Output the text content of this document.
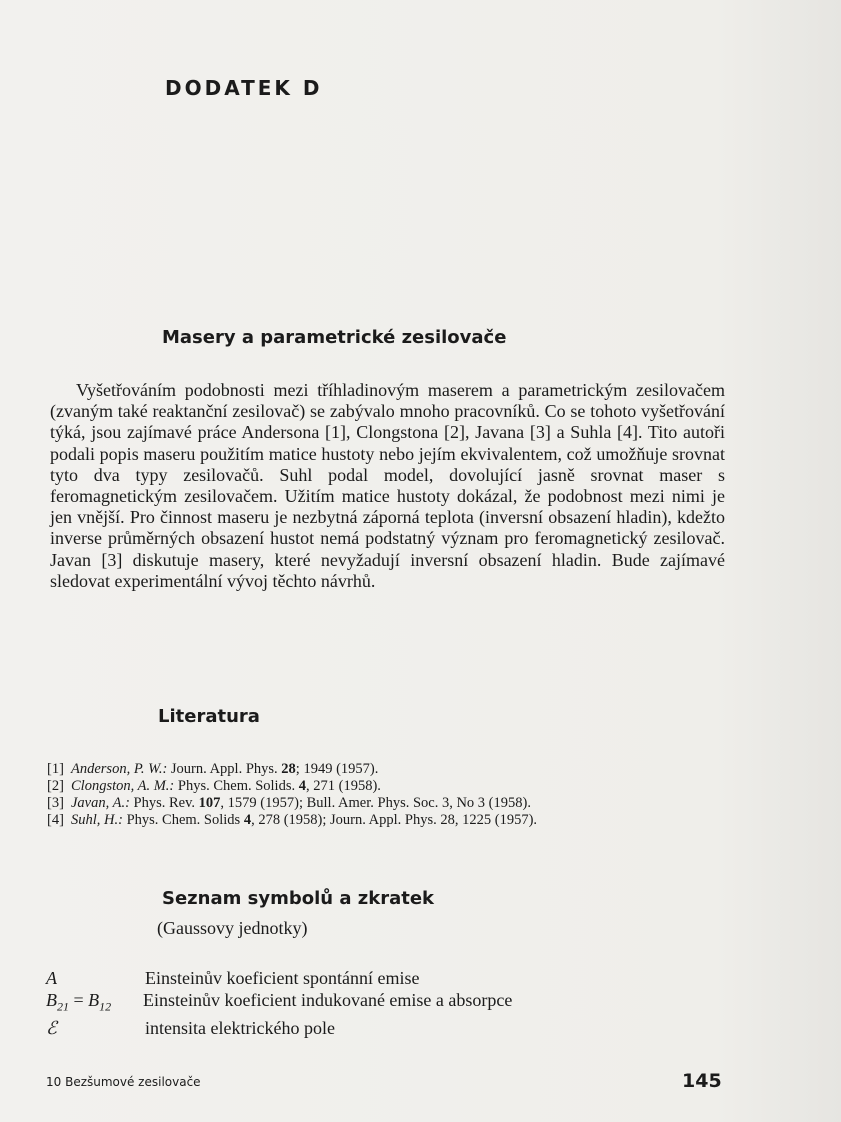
DODATEK D
Masery a parametrické zesilovače
Vyšetřováním podobnosti mezi tříhladinovým maserem a parametrickým zesilovačem (zvaným také reaktanční zesilovač) se zabývalo mnoho pracovníků. Co se tohoto vyšetřování týká, jsou zajímavé práce Andersona [1], Clongstona [2], Javana [3] a Suhla [4]. Tito autoři podali popis maseru použitím matice hustoty nebo jejím ekvivalentem, což umožňuje srovnat tyto dva typy zesilovačů. Suhl podal model, dovolující jasně srovnat maser s feromagnetickým zesilovačem. Užitím matice hustoty dokázal, že podobnost mezi nimi je jen vnější. Pro činnost maseru je nezbytná záporná teplota (inversní obsazení hladin), kdežto inverse průměrných obsazení hustot nemá podstatný význam pro feromagnetický zesilovač. Javan [3] diskutuje masery, které nevyžadují inversní obsazení hladin. Bude zajímavé sledovat experimentální vývoj těchto návrhů.
Literatura
[1] Anderson, P. W.: Journ. Appl. Phys. 28; 1949 (1957).
[2] Clongston, A. M.: Phys. Chem. Solids. 4, 271 (1958).
[3] Javan, A.: Phys. Rev. 107, 1579 (1957); Bull. Amer. Phys. Soc. 3, No 3 (1958).
[4] Suhl, H.: Phys. Chem. Solids 4, 278 (1958); Journ. Appl. Phys. 28, 1225 (1957).
Seznam symbolů a zkratek
(Gaussovy jednotky)
A	Einsteinův koeficient spontánní emise
$B_{21} = B_{12}$	Einsteinův koeficient indukované emise a absorpce
ℰ	intensita elektrického pole
10 Bezšumové zesilovače	145
